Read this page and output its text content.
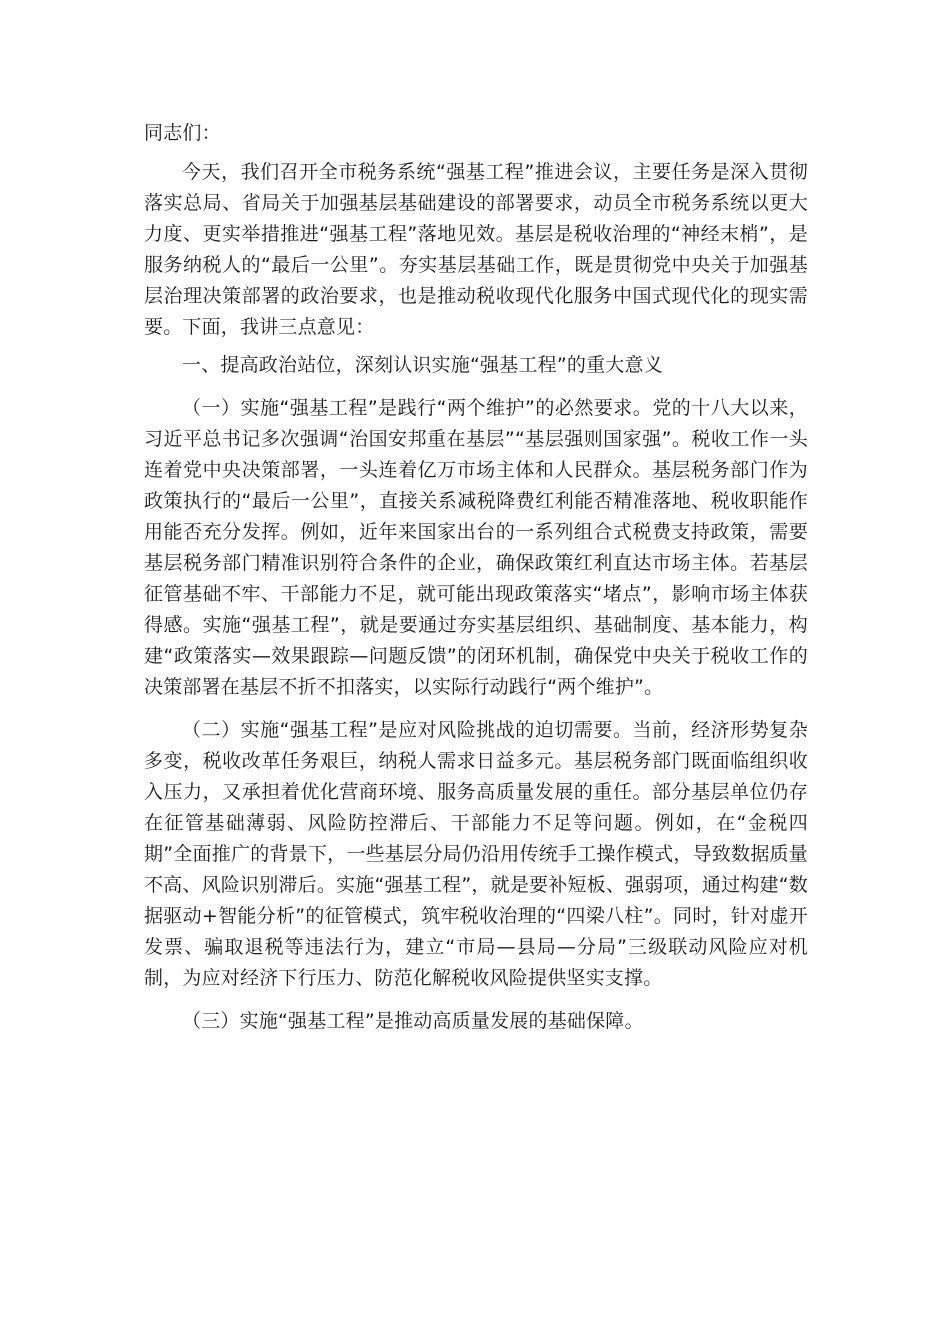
同志们：

今天，我们召开全市税务系统“强基工程”推进会议，主要任务是深入贯彻落实总局、省局关于加强基层基础建设的部署要求，动员全市税务系统以更大力度、更实举措推进“强基工程”落地见效。基层是税收治理的“神经末梢”，是服务纳税人的“最后一公里”。夯实基层基础工作，既是贯彻党中央关于加强基层治理决策部署的政治要求，也是推动税收现代化服务中国式现代化的现实需要。下面，我讲三点意见：

一、提高政治站位，深刻认识实施“强基工程”的重大意义

（一）实施“强基工程”是践行“两个维护”的必然要求。党的十八大以来，习近平总书记多次强调“治国安邦重在基层”“基层强则国家强”。税收工作一头连着党中央决策部署，一头连着亿万市场主体和人民群众。基层税务部门作为政策执行的“最后一公里”，直接关系减税降费红利能否精准落地、税收职能作用能否充分发挥。例如，近年来国家出台的一系列组合式税费支持政策，需要基层税务部门精准识别符合条件的企业，确保政策红利直达市场主体。若基层征管基础不牢、干部能力不足，就可能出现政策落实“堵点”，影响市场主体获得感。实施“强基工程”，就是要通过夯实基层组织、基础制度、基本能力，构建“政策落实—效果跟踪—问题反馈”的闭环机制，确保党中央关于税收工作的决策部署在基层不折不扣落实，以实际行动践行“两个维护”。

（二）实施“强基工程”是应对风险挑战的迫切需要。当前，经济形势复杂多变，税收改革任务艰巨，纳税人需求日益多元。基层税务部门既面临组织收入压力，又承担着优化营商环境、服务高质量发展的重任。部分基层单位仍存在征管基础薄弱、风险防控滞后、干部能力不足等问题。例如，在“金税四期”全面推广的背景下，一些基层分局仍沿用传统手工操作模式，导致数据质量不高、风险识别滞后。实施“强基工程”，就是要补短板、强弱项，通过构建“数据驱动+智能分析”的征管模式，筑牢税收治理的“四梁八柱”。同时，针对虚开发票、骗取退税等违法行为，建立“市局—县局—分局”三级联动风险应对机制，为应对经济下行压力、防范化解税收风险提供坚实支撑。

（三）实施“强基工程”是推动高质量发展的基础保障。
